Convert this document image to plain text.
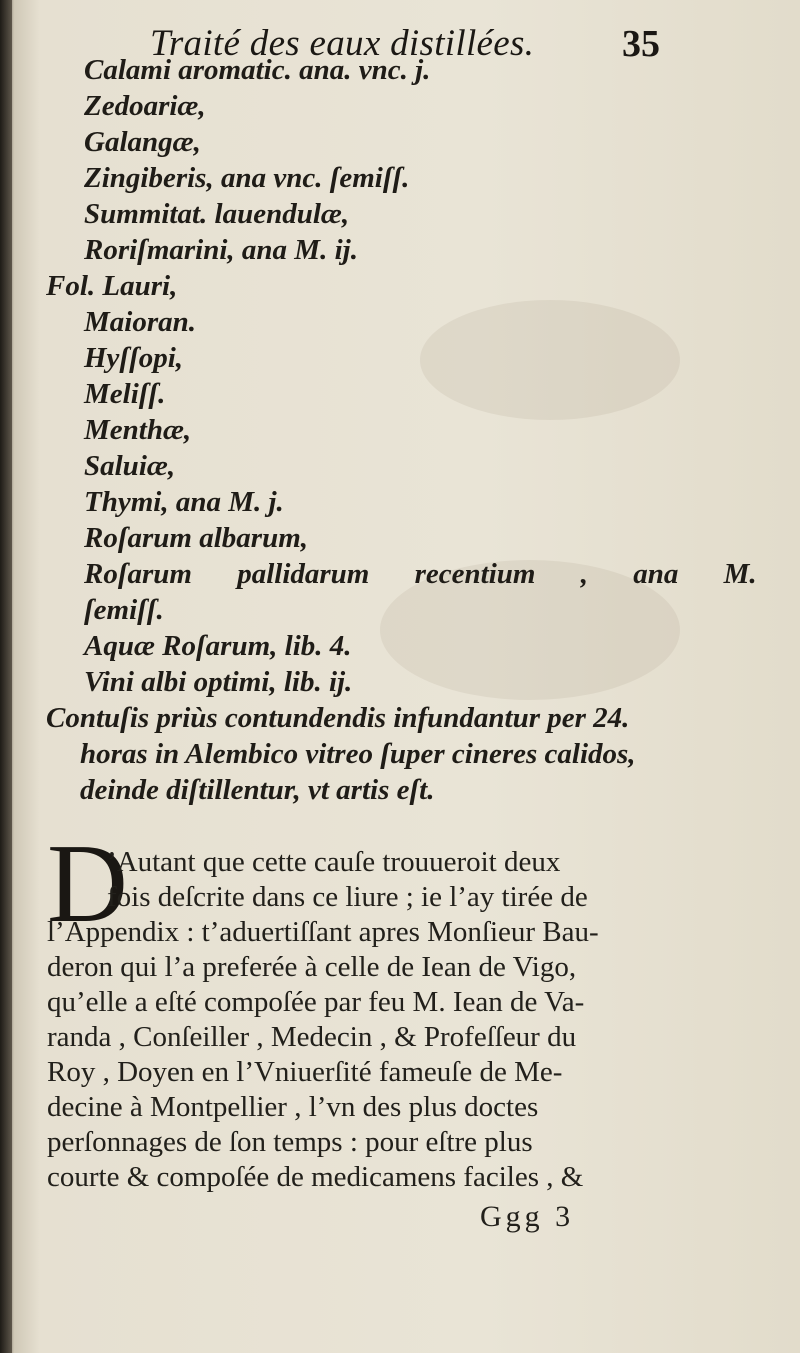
Traité des eaux distillées. 35
Calami aromatic. ana. vnc. j.
Zedoariæ,
Galangæ,
Zingiberis, ana vnc. ſemiſſ.
Summitat. lauendulæ,
Roriſmarini, ana M. ij.
Fol. Lauri,
Maioran.
Hyſſopi,
Meliſſ.
Menthæ,
Saluiæ,
Thymi, ana M. j.
Roſarum albarum,
Roſarum pallidarum recentium , ana M.
ſemiſſ.
Aquæ Roſarum, lib. 4.
Vini albi optimi, lib. ij.
Contuſis priùs contundendis infundantur per 24.
horas in Alembico vitreo ſuper cineres calidos,
deinde diſtillentur, vt artis eſt.
D
’Autant que cette cauſe trouueroit deux
fois deſcrite dans ce liure ; ie l’ay tirée de
l’Appendix : t’aduertiſſant apres Monſieur Bau-
deron qui l’a preferée à celle de Iean de Vigo,
qu’elle a eſté compoſée par feu M. Iean de Va-
randa , Conſeiller , Medecin , & Profeſſeur du
Roy , Doyen en l’Vniuerſité fameuſe de Me-
decine à Montpellier , l’vn des plus doctes
perſonnages de ſon temps : pour eſtre plus
courte & compoſée de medicamens faciles , &
Ggg 3
